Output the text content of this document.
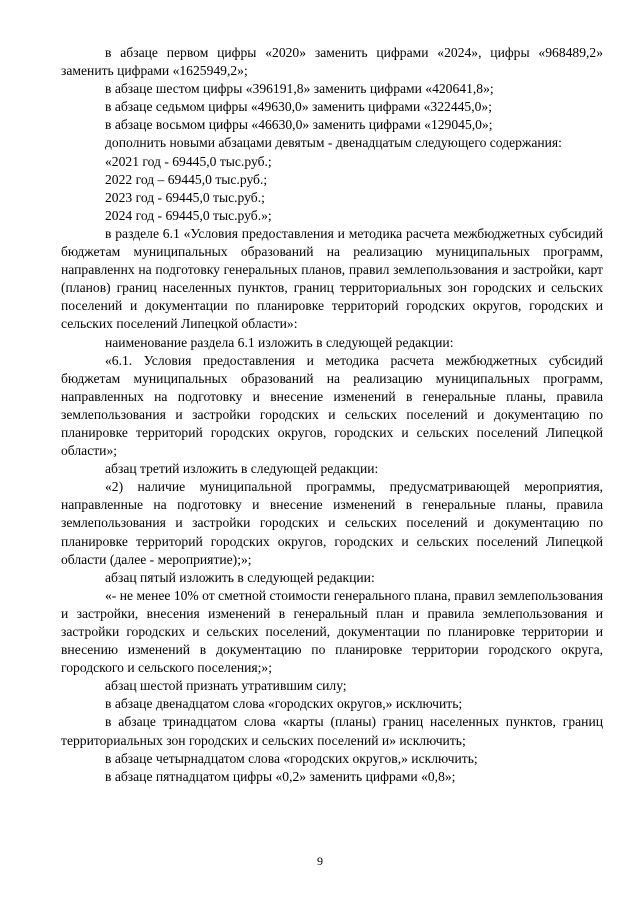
в абзаце первом цифры «2020» заменить цифрами «2024», цифры «968489,2» заменить цифрами «1625949,2»;

в абзаце шестом цифры «396191,8» заменить цифрами «420641,8»;

в абзаце седьмом цифры «49630,0» заменить цифрами «322445,0»;

в абзаце восьмом цифры «46630,0» заменить цифрами «129045,0»;

дополнить новыми абзацами девятым - двенадцатым следующего содержания:

«2021 год - 69445,0 тыс.руб.;

2022 год – 69445,0 тыс.руб.;

2023 год - 69445,0 тыс.руб.;

2024 год - 69445,0 тыс.руб.»;

в разделе 6.1 «Условия предоставления и методика расчета межбюджетных субсидий бюджетам муниципальных образований на реализацию муниципальных программ, направленнх на подготовку генеральных планов, правил землепользования и застройки, карт (планов) границ населенных пунктов, границ территориальных зон городских и сельских поселений и документации по планировке территорий городских округов, городских и сельских поселений Липецкой области»:

наименование раздела 6.1 изложить в следующей редакции:

«6.1. Условия предоставления и методика расчета межбюджетных субсидий бюджетам муниципальных образований на реализацию муниципальных программ, направленных на подготовку и внесение изменений в генеральные планы, правила землепользования и застройки городских и сельских поселений и документацию по планировке территорий городских округов, городских и сельских поселений Липецкой области»;

абзац третий изложить в следующей редакции:

«2) наличие муниципальной программы, предусматривающей мероприятия, направленные на подготовку и внесение изменений в генеральные планы, правила землепользования и застройки городских и сельских поселений и документацию по планировке территорий городских округов, городских и сельских поселений Липецкой области (далее - мероприятие);»;

абзац пятый изложить в следующей редакции:

«- не менее 10% от сметной стоимости генерального плана, правил землепользования и застройки, внесения изменений в генеральный план и правила землепользования и застройки городских и сельских поселений, документации по планировке территории и внесению изменений в документацию по планировке территории городского округа, городского и сельского поселения;»;

абзац шестой признать утратившим силу;

в абзаце двенадцатом слова «городских округов,» исключить;

в абзаце тринадцатом слова «карты (планы) границ населенных пунктов, границ территориальных зон городских и сельских поселений и» исключить;

в абзаце четырнадцатом слова «городских округов,» исключить;

в абзаце пятнадцатом цифры «0,2» заменить цифрами «0,8»;

9
